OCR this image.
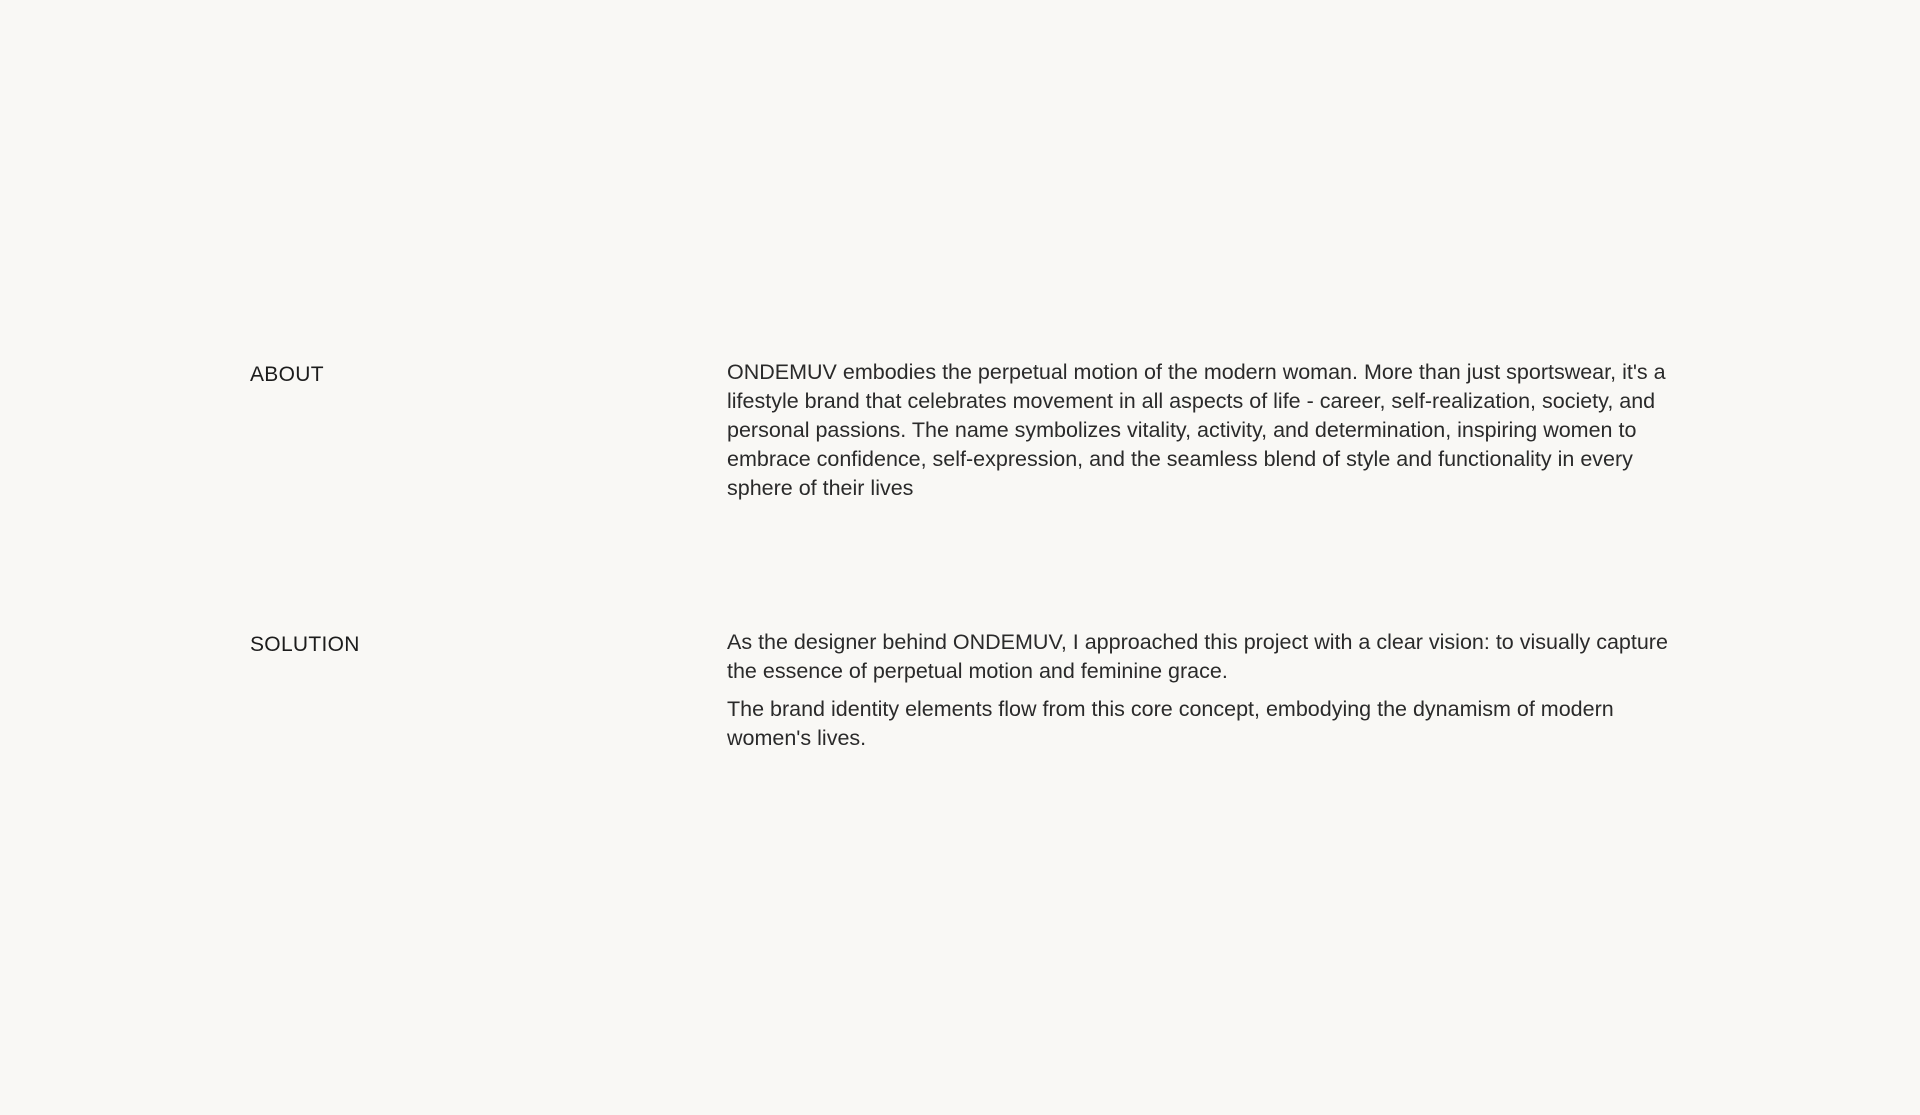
ABOUT	ONDEMUV embodies the perpetual motion of the modern woman. More than just sportswear, it's a lifestyle brand that celebrates movement in all aspects of life - career, self-realization, society, and personal passions. The name symbolizes vitality, activity, and determination, inspiring women to embrace confidence, self-expression, and the seamless blend of style and functionality in every sphere of their lives

SOLUTION	As the designer behind ONDEMUV, I approached this project with a clear vision: to visually capture the essence of perpetual motion and feminine grace.

The brand identity elements flow from this core concept, embodying the dynamism of modern women's lives.
